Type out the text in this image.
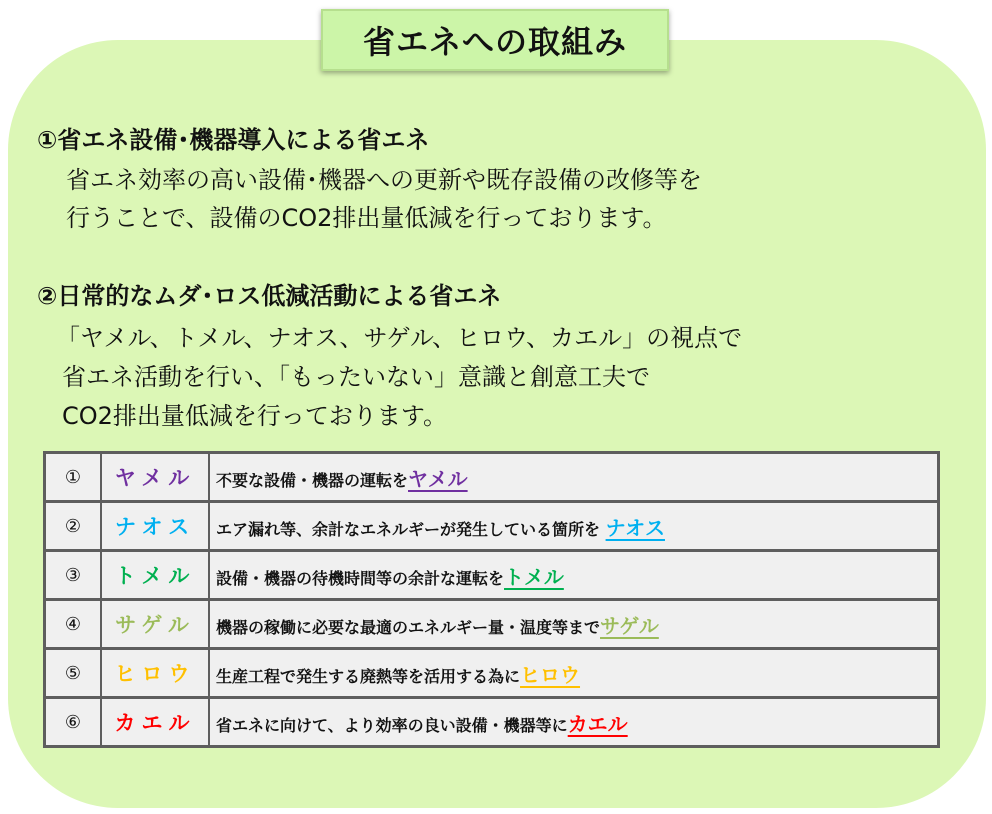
省エネへの取組み
①省エネ設備･機器導入による省エネ
省エネ効率の高い設備･機器への更新や既存設備の改修等を
行うことで、設備のCO2排出量低減を行っております。
②日常的なムダ･ロス低減活動による省エネ
「ヤメル、トメル、ナオス、サゲル、ヒロウ、カエル」の視点で
省エネ活動を行い、「もったいない」意識と創意工夫で
CO2排出量低減を行っております。
①	ヤメル	不要な設備・機器の運転をヤメル
②	ナオス	エア漏れ等、余計なエネルギーが発生している箇所を ナオス
③	トメル	設備・機器の待機時間等の余計な運転をトメル
④	サゲル	機器の稼働に必要な最適のエネルギー量・温度等までサゲル
⑤	ヒロウ	生産工程で発生する廃熱等を活用する為にヒロウ
⑥	カエル	省エネに向けて、より効率の良い設備・機器等にカエル
